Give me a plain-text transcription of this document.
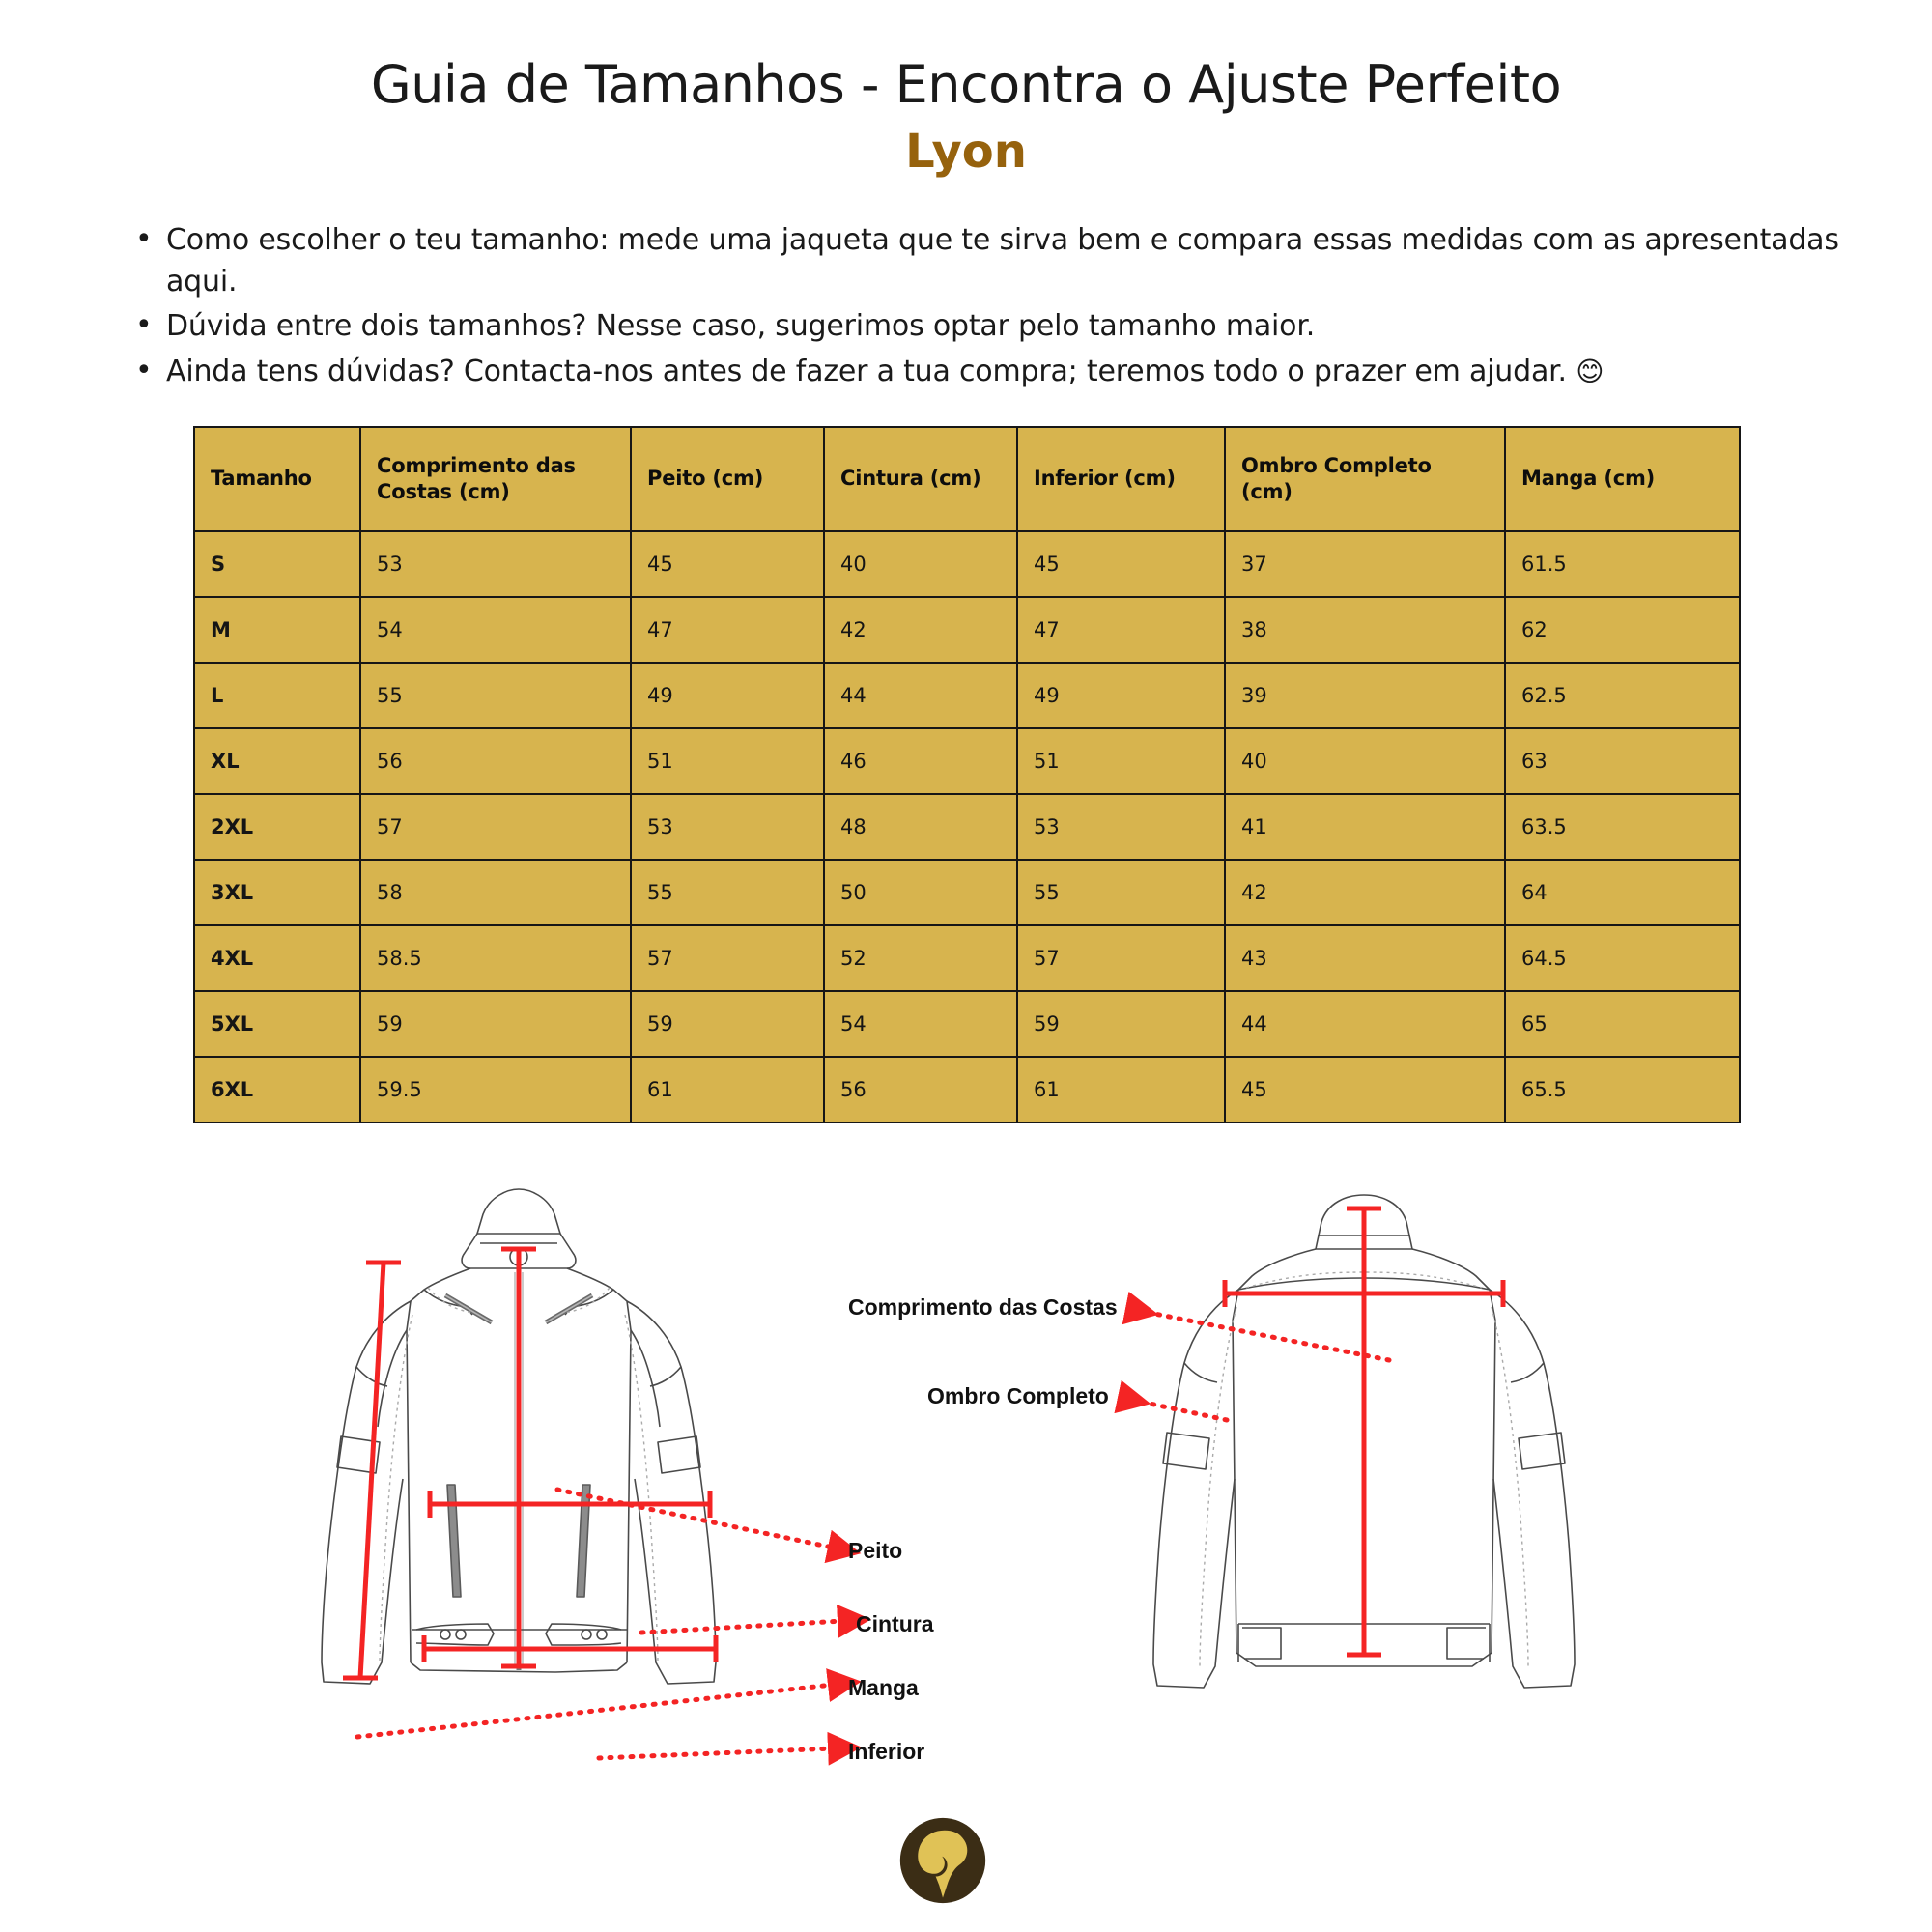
Guia de Tamanhos - Encontra o Ajuste Perfeito
Lyon
• Como escolher o teu tamanho: mede uma jaqueta que te sirva bem e compara essas medidas com as apresentadas aqui.
• Dúvida entre dois tamanhos? Nesse caso, sugerimos optar pelo tamanho maior.
• Ainda tens dúvidas? Contacta-nos antes de fazer a tua compra; teremos todo o prazer em ajudar. 😊
Tamanho	Comprimento das Costas (cm)	Peito (cm)	Cintura (cm)	Inferior (cm)	Ombro Completo (cm)	Manga (cm)
S	53	45	40	45	37	61.5
M	54	47	42	47	38	62
L	55	49	44	49	39	62.5
XL	56	51	46	51	40	63
2XL	57	53	48	53	41	63.5
3XL	58	55	50	55	42	64
4XL	58.5	57	52	57	43	64.5
5XL	59	59	54	59	44	65
6XL	59.5	61	56	61	45	65.5
Comprimento das Costas
Ombro Completo
Peito
Cintura
Manga
Inferior
